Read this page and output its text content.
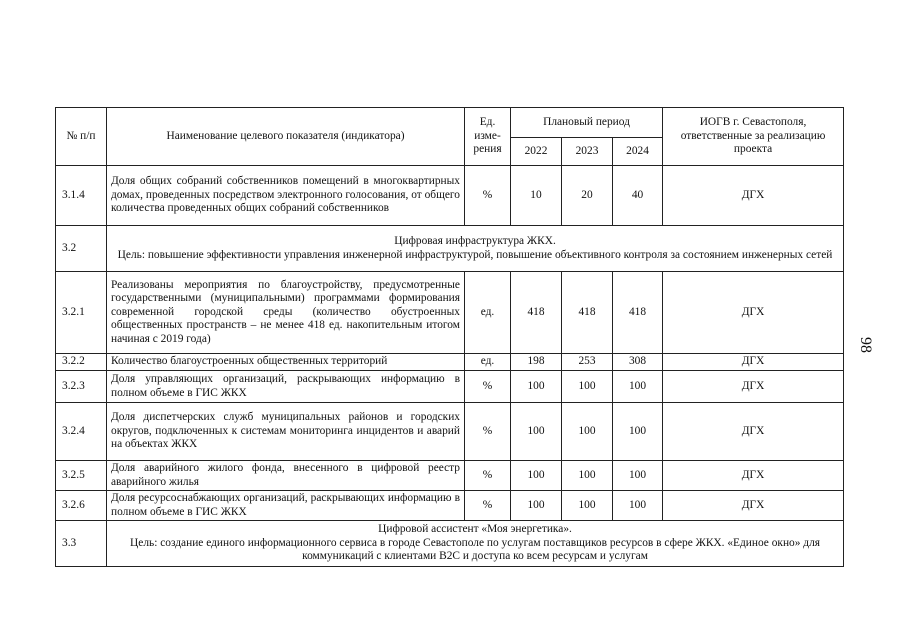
98
№ п/п	Наименование целевого показателя (индикатора)	Ед. изме-рения	Плановый период			ИОГВ г. Севастополя, ответственные за реализацию проекта
			2022	2023	2024	
3.1.4	Доля общих собраний собственников помещений в многоквартирных домах, проведенных посредством электронного голосования, от общего количества проведенных общих собраний собственников	%	10	20	40	ДГХ
3.2	Цифровая инфраструктура ЖКХ.
Цель: повышение эффективности управления инженерной инфраструктурой, повышение объективного контроля за состоянием инженерных сетей					

3.2.1	Реализованы мероприятия по благоустройству, предусмотренные государственными (муниципальными) программами формирования современной городской среды (количество обустроенных общественных пространств – не менее 418 ед. накопительным итогом начиная с 2019 года)	ед.	418	418	418	ДГХ
3.2.2	Количество благоустроенных общественных территорий	ед.	198	253	308	ДГХ
3.2.3	Доля управляющих организаций, раскрывающих информацию в полном объеме в ГИС ЖКХ	%	100	100	100	ДГХ
3.2.4	Доля диспетчерских служб муниципальных районов и городских округов, подключенных к системам мониторинга инцидентов и аварий на объектах ЖКХ	%	100	100	100	ДГХ
3.2.5	Доля аварийного жилого фонда, внесенного в цифровой реестр аварийного жилья	%	100	100	100	ДГХ
3.2.6	Доля ресурсоснабжающих организаций, раскрывающих информацию в полном объеме в ГИС ЖКХ	%	100	100	100	ДГХ
3.3	Цифровой ассистент «Моя энергетика».
Цель: создание единого информационного сервиса в городе Севастополе по услугам поставщиков ресурсов в сфере ЖКХ. «Единое окно» для коммуникаций с клиентами B2C и доступа ко всем ресурсам и услугам					
